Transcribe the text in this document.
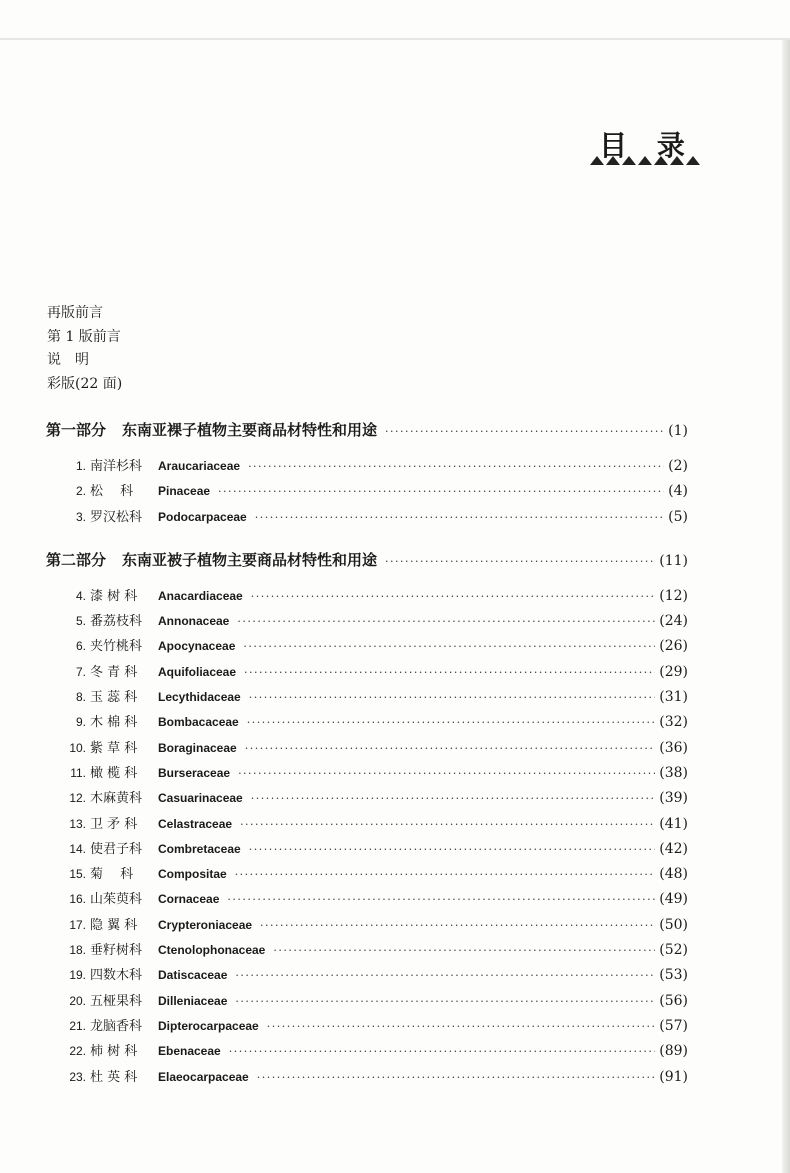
目 录
再版前言
第 1 版前言
说　明
彩版(22 面)
第一部分 东南亚裸子植物主要商品材特性和用途 ·····	(1)
1. 南洋杉科	Araucariaceae ·····	(2)
2. 松　 科	Pinaceae ·····	(4)
3. 罗汉松科	Podocarpaceae ·····	(5)
第二部分 东南亚被子植物主要商品材特性和用途 ·····	(11)
4. 漆 树 科	Anacardiaceae ·····	(12)
5. 番荔枝科	Annonaceae ·····	(24)
6. 夹竹桃科	Apocynaceae ·····	(26)
7. 冬 青 科	Aquifoliaceae ·····	(29)
8. 玉 蕊 科	Lecythidaceae ·····	(31)
9. 木 棉 科	Bombacaceae ·····	(32)
10. 紫 草 科	Boraginaceae ·····	(36)
11. 橄 榄 科	Burseraceae ·····	(38)
12. 木麻黄科	Casuarinaceae ·····	(39)
13. 卫 矛 科	Celastraceae ·····	(41)
14. 使君子科	Combretaceae ·····	(42)
15. 菊　 科	Compositae ·····	(48)
16. 山茱萸科	Cornaceae ·····	(49)
17. 隐 翼 科	Crypteroniaceae ·····	(50)
18. 垂籽树科	Ctenolophonaceae ·····	(52)
19. 四数木科	Datiscaceae ·····	(53)
20. 五桠果科	Dilleniaceae ·····	(56)
21. 龙脑香科	Dipterocarpaceae ·····	(57)
22. 柿 树 科	Ebenaceae ·····	(89)
23. 杜 英 科	Elaeocarpaceae ·····	(91)
